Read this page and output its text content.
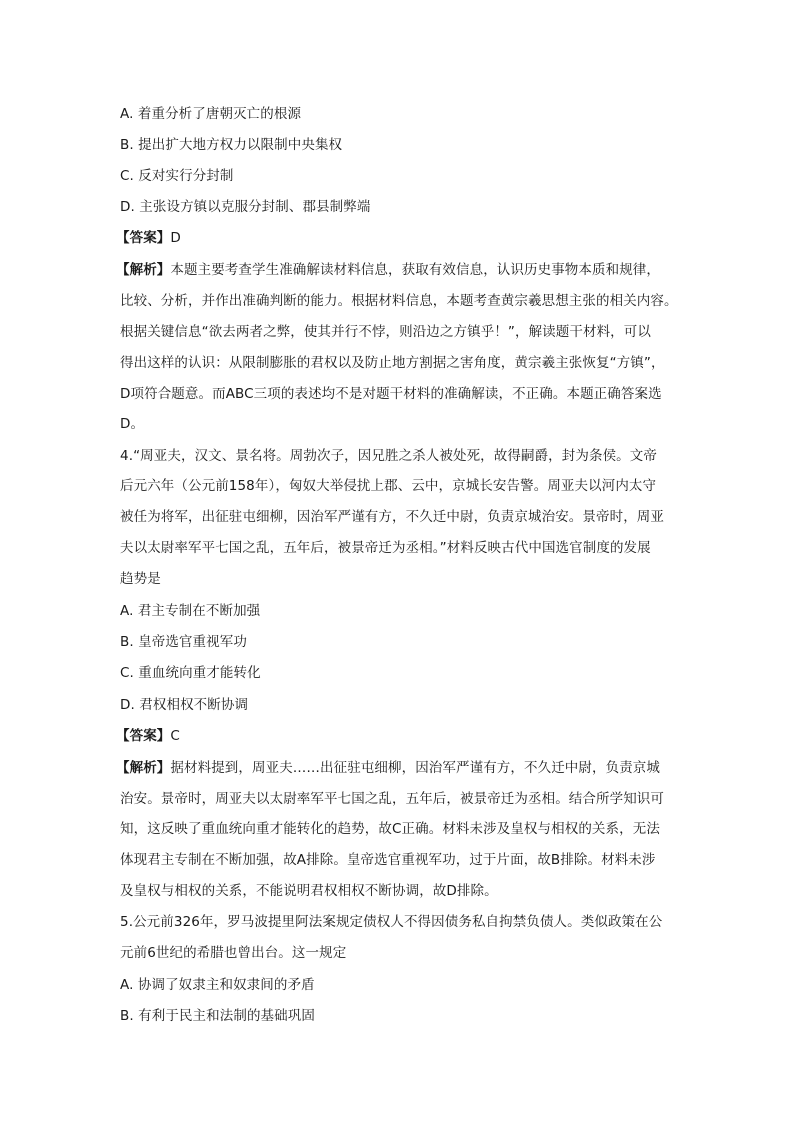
A. 着重分析了唐朝灭亡的根源
B. 提出扩大地方权力以限制中央集权
C. 反对实行分封制
D. 主张设方镇以克服分封制、郡县制弊端
【答案】D
【解析】本题主要考查学生准确解读材料信息，获取有效信息，认识历史事物本质和规律，
比较、分析，并作出准确判断的能力。根据材料信息，本题考查黄宗羲思想主张的相关内容。
根据关键信息“欲去两者之弊，使其并行不悖，则沿边之方镇乎！”，解读题干材料，可以
得出这样的认识：从限制膨胀的君权以及防止地方割据之害角度，黄宗羲主张恢复“方镇”，
D项符合题意。而ABC三项的表述均不是对题干材料的准确解读，不正确。本题正确答案选
D。
4.“周亚夫，汉文、景名将。周勃次子，因兄胜之杀人被处死，故得嗣爵，封为条侯。文帝
后元六年（公元前158年），匈奴大举侵扰上郡、云中，京城长安告警。周亚夫以河内太守
被任为将军，出征驻屯细柳，因治军严谨有方，不久迁中尉，负责京城治安。景帝时，周亚
夫以太尉率军平七国之乱，五年后，被景帝迁为丞相。”材料反映古代中国选官制度的发展
趋势是
A. 君主专制在不断加强
B. 皇帝选官重视军功
C. 重血统向重才能转化
D. 君权相权不断协调
【答案】C
【解析】据材料提到，周亚夫……出征驻屯细柳，因治军严谨有方，不久迁中尉，负责京城
治安。景帝时，周亚夫以太尉率军平七国之乱，五年后，被景帝迁为丞相。结合所学知识可
知，这反映了重血统向重才能转化的趋势，故C正确。材料未涉及皇权与相权的关系，无法
体现君主专制在不断加强，故A排除。皇帝选官重视军功，过于片面，故B排除。材料未涉
及皇权与相权的关系，不能说明君权相权不断协调，故D排除。
5.公元前326年，罗马波提里阿法案规定债权人不得因债务私自拘禁负债人。类似政策在公
元前6世纪的希腊也曾出台。这一规定
A. 协调了奴隶主和奴隶间的矛盾
B. 有利于民主和法制的基础巩固
